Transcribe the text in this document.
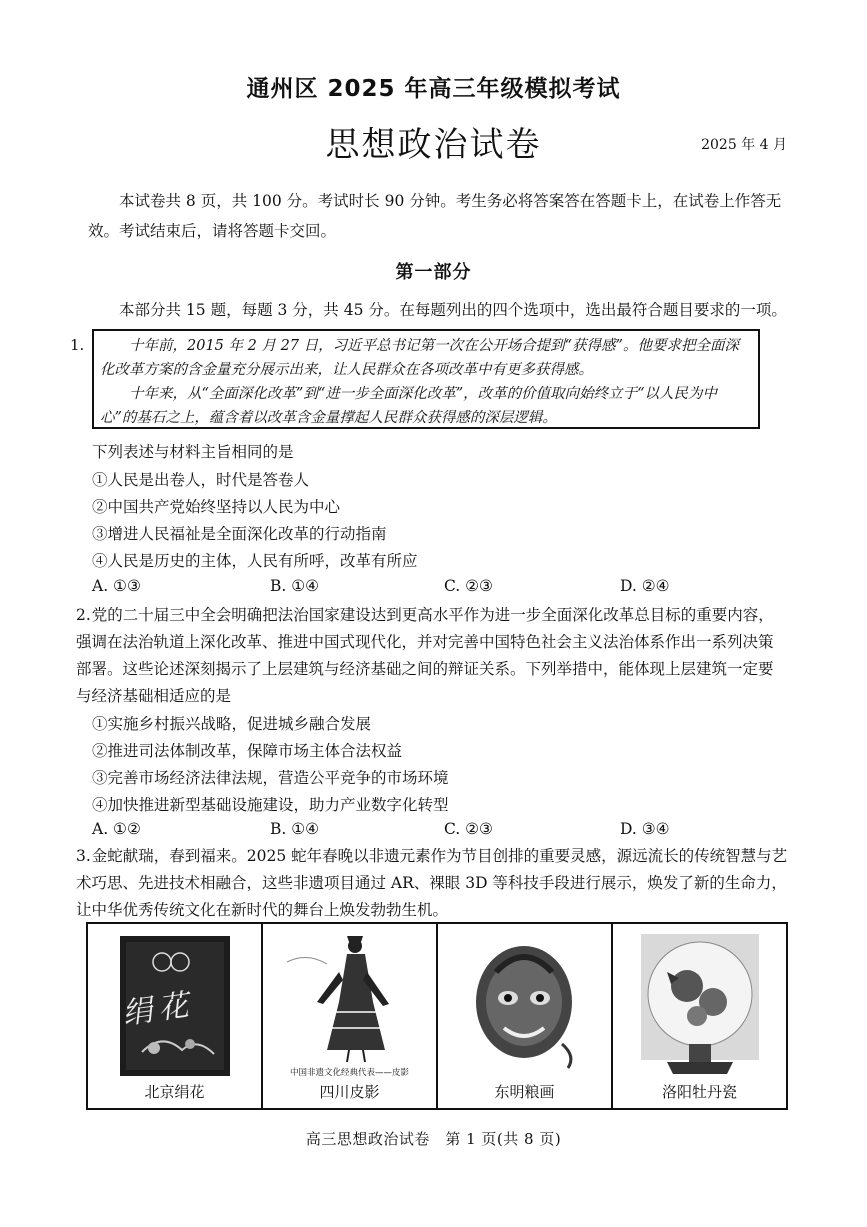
通州区 2025 年高三年级模拟考试
思想政治试卷	2025 年 4 月
本试卷共 8 页，共 100 分。考试时长 90 分钟。考生务必将答案答在答题卡上，在试卷上作答无效。考试结束后，请将答题卡交回。
第一部分
本部分共 15 题，每题 3 分，共 45 分。在每题列出的四个选项中，选出最符合题目要求的一项。
1.	十年前，2015 年 2 月 27 日，习近平总书记第一次在公开场合提到“获得感”。他要求把全面深化改革方案的含金量充分展示出来，让人民群众在各项改革中有更多获得感。

十年来，从“全面深化改革”到“进一步全面深化改革”，改革的价值取向始终立于“以人民为中心”的基石之上，蕴含着以改革含金量撑起人民群众获得感的深层逻辑。

下列表述与材料主旨相同的是
①人民是出卷人，时代是答卷人
②中国共产党始终坚持以人民为中心
③增进人民福祉是全面深化改革的行动指南
④人民是历史的主体，人民有所呼，改革有所应
A. ①③	B. ①④	C. ②③	D. ②④
2.党的二十届三中全会明确把法治国家建设达到更高水平作为进一步全面深化改革总目标的重要内容，强调在法治轨道上深化改革、推进中国式现代化，并对完善中国特色社会主义法治体系作出一系列决策部署。这些论述深刻揭示了上层建筑与经济基础之间的辩证关系。下列举措中，能体现上层建筑一定要与经济基础相适应的是
①实施乡村振兴战略，促进城乡融合发展
②推进司法体制改革，保障市场主体合法权益
③完善市场经济法律法规，营造公平竞争的市场环境
④加快推进新型基础设施建设，助力产业数字化转型
A. ①②	B. ①④	C. ②③	D. ③④
3.金蛇献瑞，春到福来。2025 蛇年春晚以非遗元素作为节目创排的重要灵感，源远流长的传统智慧与艺术巧思、先进技术相融合，这些非遗项目通过 AR、裸眼 3D 等科技手段进行展示，焕发了新的生命力，让中华优秀传统文化在新时代的舞台上焕发勃勃生机。
绢花
北京绢花
中国非遗文化经典代表——皮影
四川皮影	东明粮画	洛阳牡丹瓷
高三思想政治试卷　第 1 页(共 8 页)
